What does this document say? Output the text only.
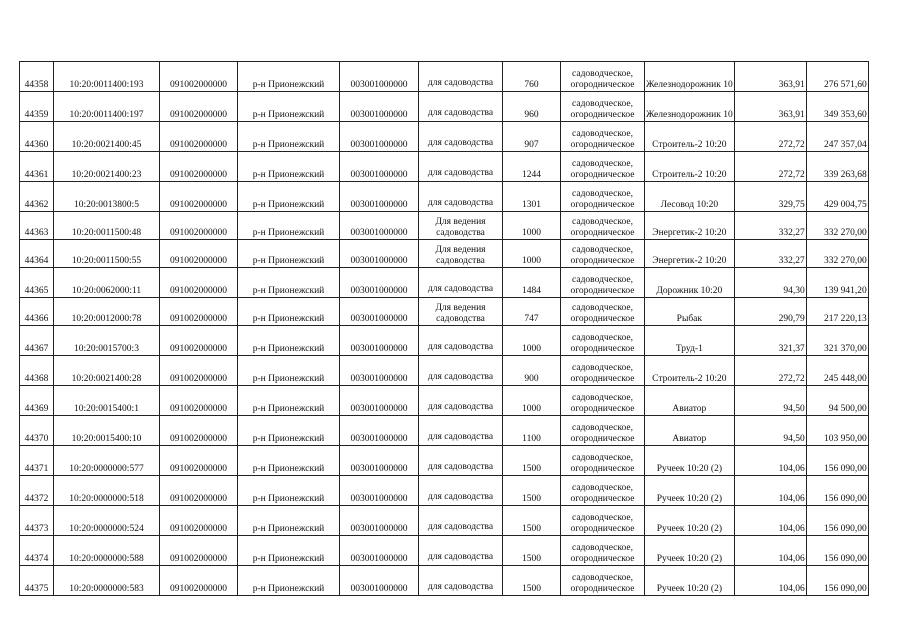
44358	10:20:0011400:193	091002000000	р-н Прионежский	003001000000	для садоводства	760	садоводческое,
огородническое	Железнодорожник 10	363,91	276 571,60
44359	10:20:0011400:197	091002000000	р-н Прионежский	003001000000	для садоводства	960	садоводческое,
огородническое	Железнодорожник 10	363,91	349 353,60
44360	10:20:0021400:45	091002000000	р-н Прионежский	003001000000	для садоводства	907	садоводческое,
огородническое	Строитель-2 10:20	272,72	247 357,04
44361	10:20:0021400:23	091002000000	р-н Прионежский	003001000000	для садоводства	1244	садоводческое,
огородническое	Строитель-2 10:20	272,72	339 263,68
44362	10:20:0013800:5	091002000000	р-н Прионежский	003001000000	для садоводства	1301	садоводческое,
огородническое	Лесовод 10:20	329,75	429 004,75
44363	10:20:0011500:48	091002000000	р-н Прионежский	003001000000	Для ведения
садоводства	1000	садоводческое,
огородническое	Энергетик-2 10:20	332,27	332 270,00
44364	10:20:0011500:55	091002000000	р-н Прионежский	003001000000	Для ведения
садоводства	1000	садоводческое,
огородническое	Энергетик-2 10:20	332,27	332 270,00
44365	10:20:0062000:11	091002000000	р-н Прионежский	003001000000	для садоводства	1484	садоводческое,
огородническое	Дорожник 10:20	94,30	139 941,20
44366	10:20:0012000:78	091002000000	р-н Прионежский	003001000000	Для ведения
садоводства	747	садоводческое,
огородническое	Рыбак	290,79	217 220,13
44367	10:20:0015700:3	091002000000	р-н Прионежский	003001000000	для садоводства	1000	садоводческое,
огородническое	Труд-1	321,37	321 370,00
44368	10:20:0021400:28	091002000000	р-н Прионежский	003001000000	для садоводства	900	садоводческое,
огородническое	Строитель-2 10:20	272,72	245 448,00
44369	10:20:0015400:1	091002000000	р-н Прионежский	003001000000	для садоводства	1000	садоводческое,
огородническое	Авиатор	94,50	94 500,00
44370	10:20:0015400:10	091002000000	р-н Прионежский	003001000000	для садоводства	1100	садоводческое,
огородническое	Авиатор	94,50	103 950,00
44371	10:20:0000000:577	091002000000	р-н Прионежский	003001000000	для садоводства	1500	садоводческое,
огородническое	Ручеек 10:20 (2)	104,06	156 090,00
44372	10:20:0000000:518	091002000000	р-н Прионежский	003001000000	для садоводства	1500	садоводческое,
огородническое	Ручеек 10:20 (2)	104,06	156 090,00
44373	10:20:0000000:524	091002000000	р-н Прионежский	003001000000	для садоводства	1500	садоводческое,
огородническое	Ручеек 10:20 (2)	104,06	156 090,00
44374	10:20:0000000:588	091002000000	р-н Прионежский	003001000000	для садоводства	1500	садоводческое,
огородническое	Ручеек 10:20 (2)	104,06	156 090,00
44375	10:20:0000000:583	091002000000	р-н Прионежский	003001000000	для садоводства	1500	садоводческое,
огородническое	Ручеек 10:20 (2)	104,06	156 090,00
